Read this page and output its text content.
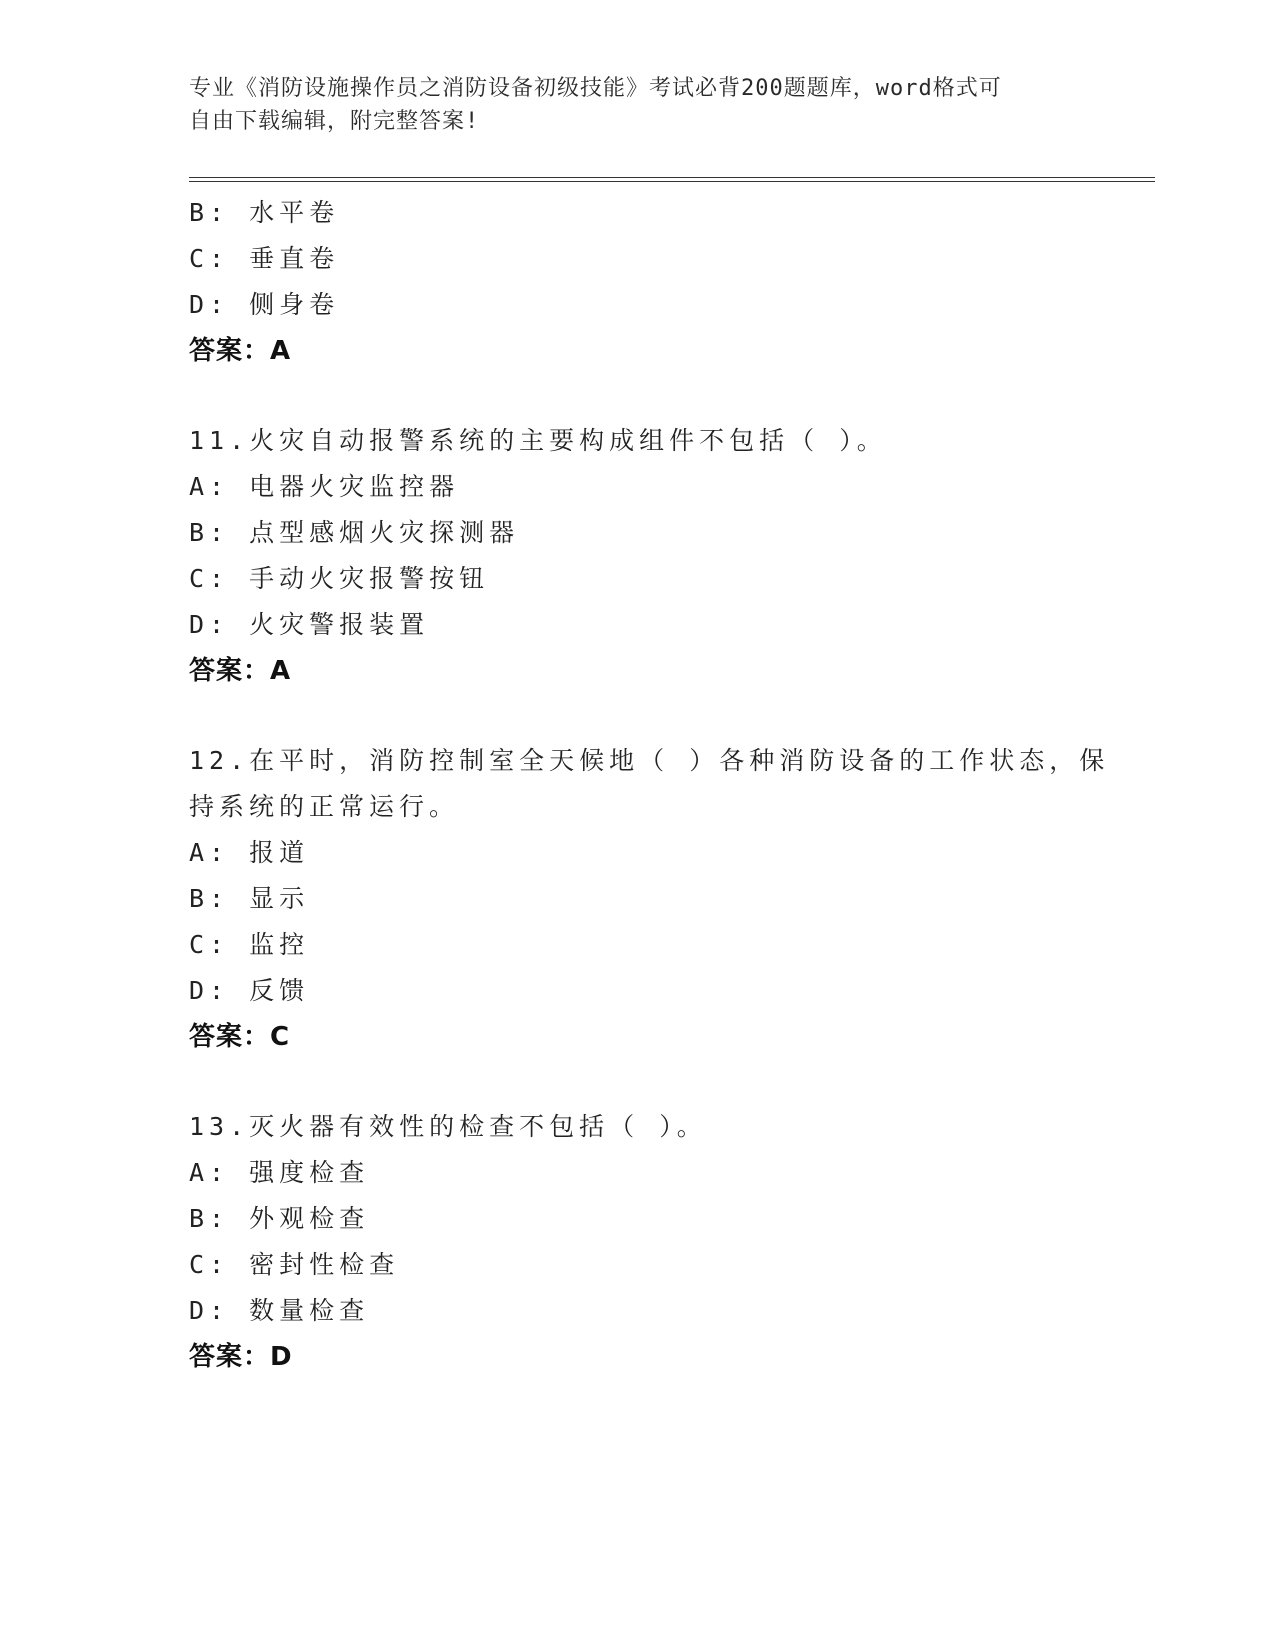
专业《消防设施操作员之消防设备初级技能》考试必背200题题库，word格式可
自由下载编辑，附完整答案!
B: 水平卷
C: 垂直卷
D: 侧身卷
答案：A
11.火灾自动报警系统的主要构成组件不包括（ ）。
A: 电器火灾监控器
B: 点型感烟火灾探测器
C: 手动火灾报警按钮
D: 火灾警报装置
答案：A
12.在平时，消防控制室全天候地（ ）各种消防设备的工作状态，保
持系统的正常运行。
A: 报道
B: 显示
C: 监控
D: 反馈
答案：C
13.灭火器有效性的检查不包括（ ）。
A: 强度检查
B: 外观检查
C: 密封性检查
D: 数量检查
答案：D
